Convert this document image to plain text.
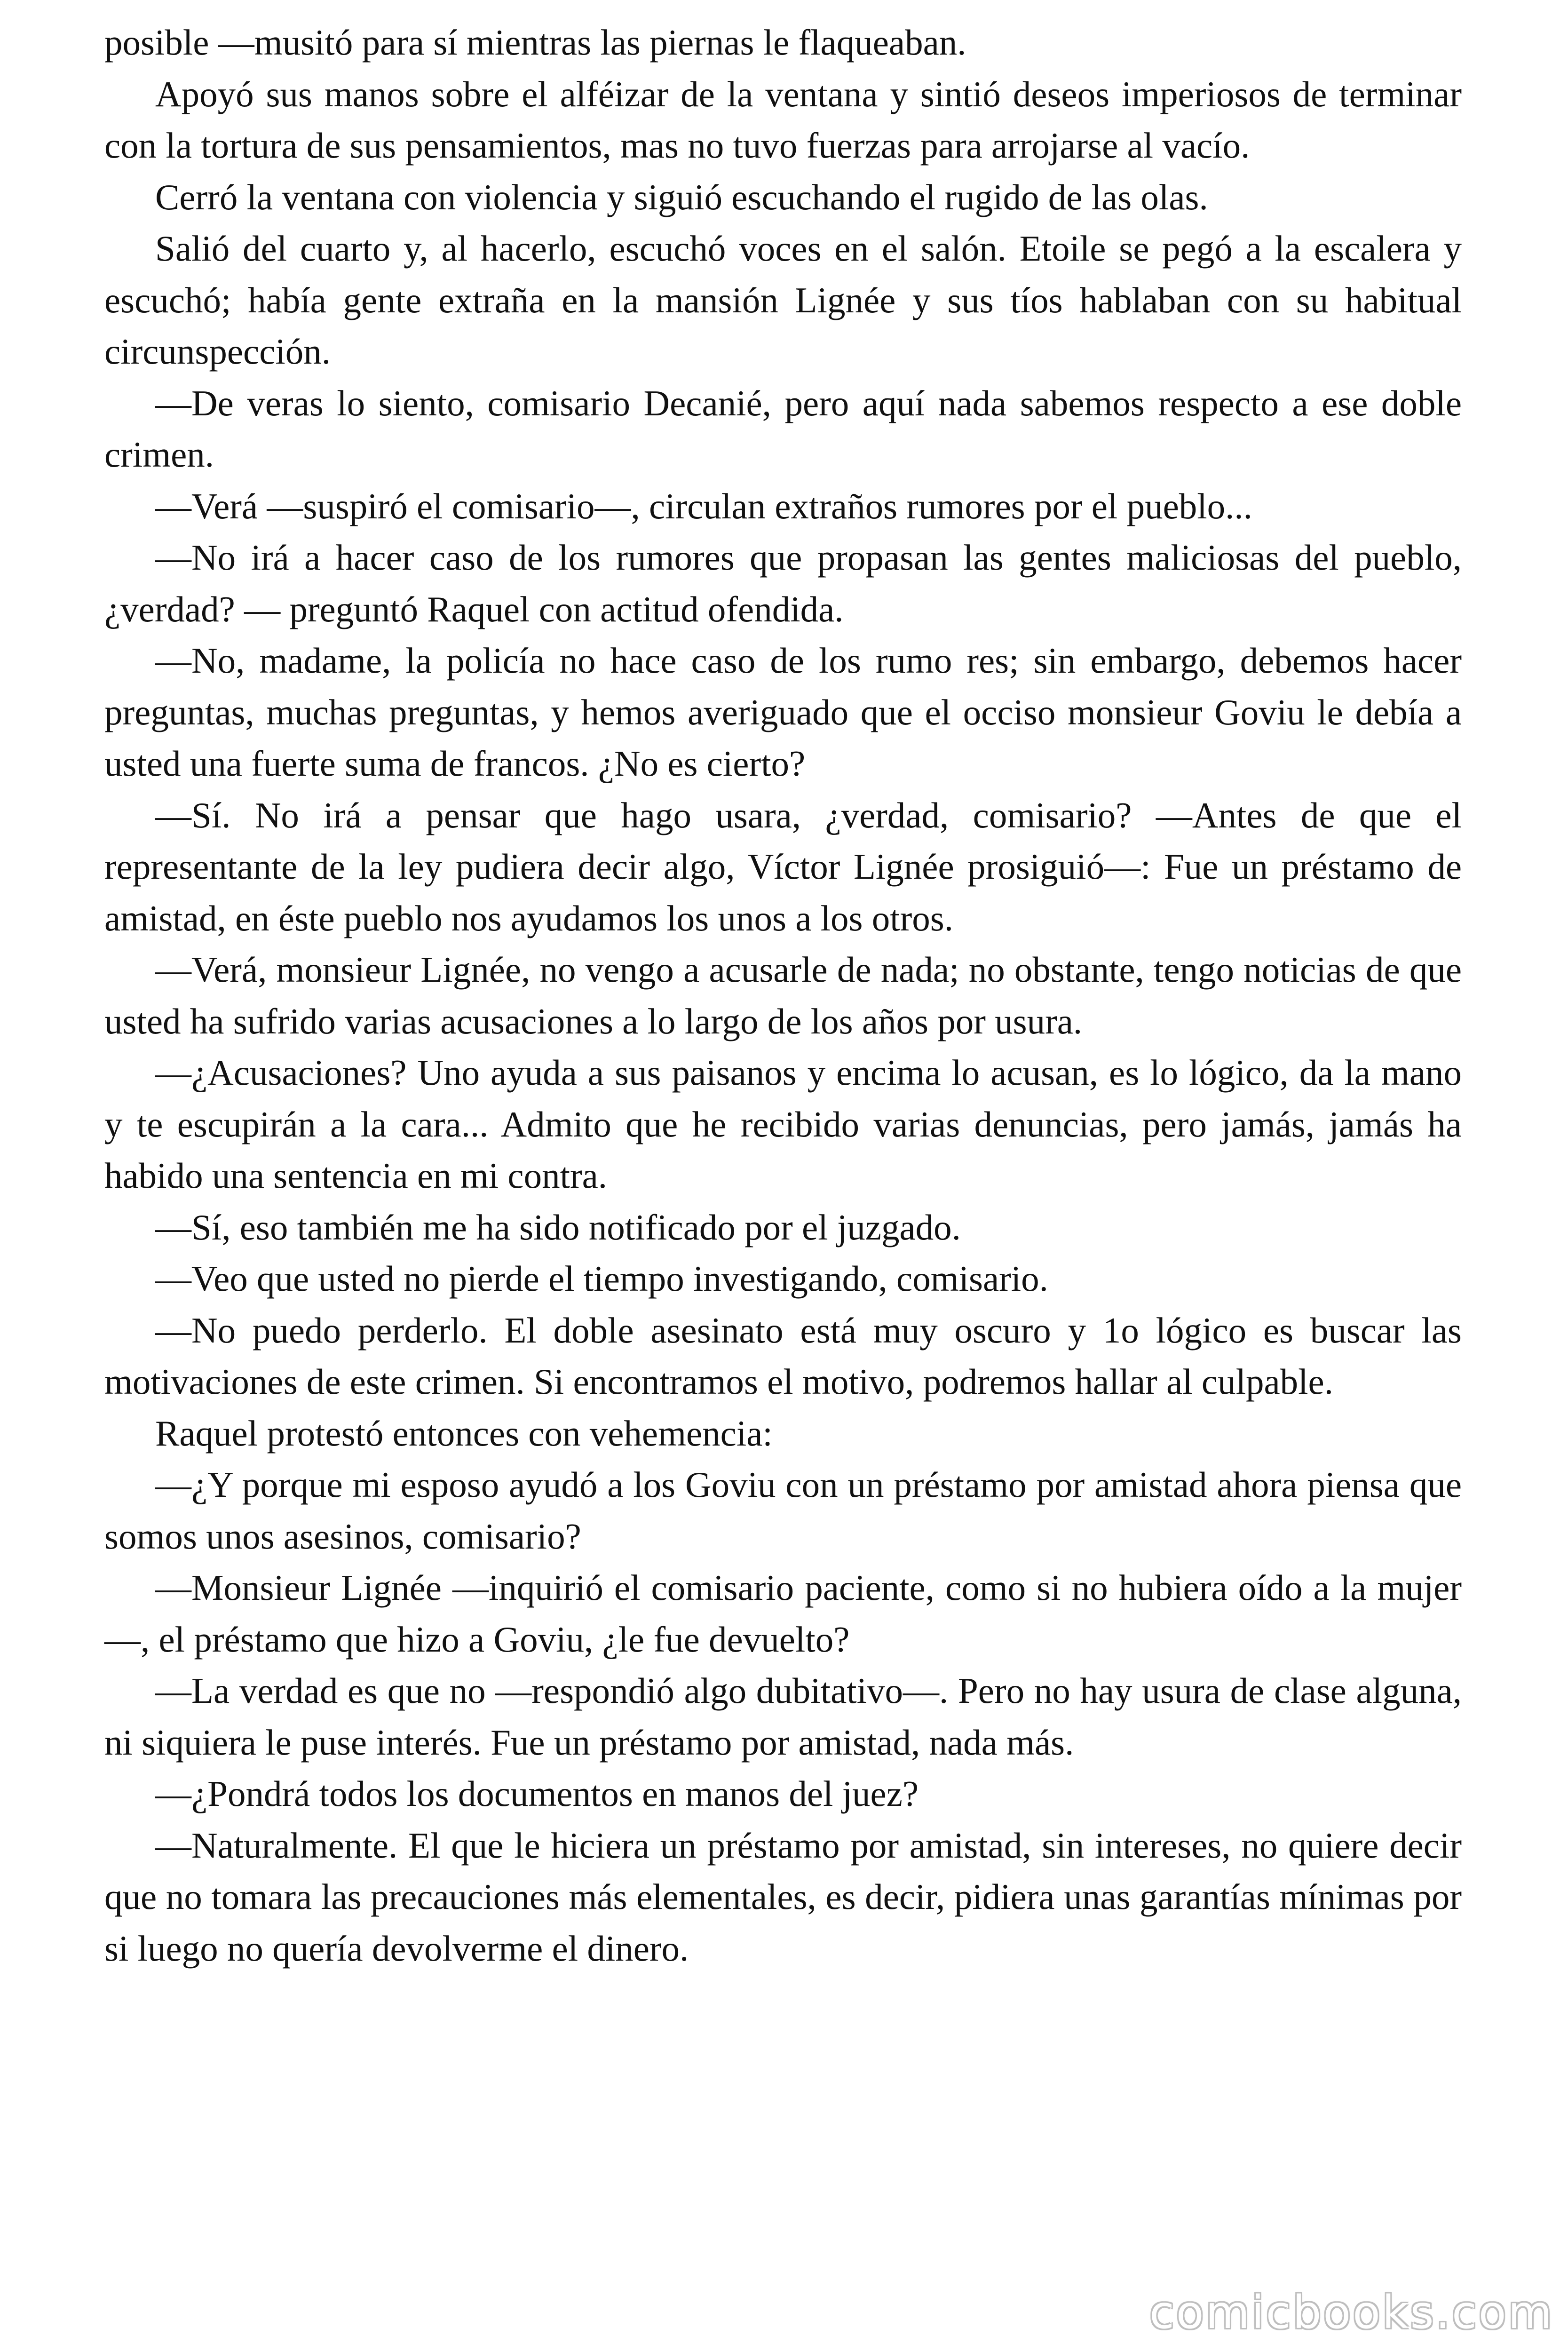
posible —musitó para sí mientras las piernas le flaqueaban.

Apoyó sus manos sobre el alféizar de la ventana y sintió deseos imperiosos de terminar con la tortura de sus pensamientos, mas no tuvo fuerzas para arrojarse al vacío.

Cerró la ventana con violencia y siguió escuchando el rugido de las olas.

Salió del cuarto y, al hacerlo, escuchó voces en el salón. Etoile se pegó a la escalera y escuchó; había gente extraña en la mansión Lignée y sus tíos hablaban con su habitual circunspección.

—De veras lo siento, comisario Decanié, pero aquí nada sabemos respecto a ese doble crimen.

—Verá —suspiró el comisario—, circulan extraños rumores por el pueblo...

—No irá a hacer caso de los rumores que propasan las gentes maliciosas del pueblo, ¿verdad? — preguntó Raquel con actitud ofendida.

—No, madame, la policía no hace caso de los rumo res; sin embargo, debemos hacer preguntas, muchas preguntas, y hemos averiguado que el occiso monsieur Goviu le debía a usted una fuerte suma de francos. ¿No es cierto?

—Sí. No irá a pensar que hago usara, ¿verdad, comisario? —Antes de que el representante de la ley pudiera decir algo, Víctor Lignée prosiguió—: Fue un préstamo de amistad, en éste pueblo nos ayudamos los unos a los otros.

—Verá, monsieur Lignée, no vengo a acusarle de nada; no obstante, tengo noticias de que usted ha sufrido varias acusaciones a lo largo de los años por usura.

—¿Acusaciones? Uno ayuda a sus paisanos y encima lo acusan, es lo lógico, da la mano y te escupirán a la cara... Admito que he recibido varias denuncias, pero jamás, jamás ha habido una sentencia en mi contra.

—Sí, eso también me ha sido notificado por el juzgado.

—Veo que usted no pierde el tiempo investigando, comisario.

—No puedo perderlo. El doble asesinato está muy oscuro y 1o lógico es buscar las motivaciones de este crimen. Si encontramos el motivo, podremos hallar al culpable.

Raquel protestó entonces con vehemencia:

—¿Y porque mi esposo ayudó a los Goviu con un préstamo por amistad ahora piensa que somos unos asesinos, comisario?

—Monsieur Lignée —inquirió el comisario paciente, como si no hubiera oído a la mujer—, el préstamo que hizo a Goviu, ¿le fue devuelto?

—La verdad es que no —respondió algo dubitativo—. Pero no hay usura de clase alguna, ni siquiera le puse interés. Fue un préstamo por amistad, nada más.

—¿Pondrá todos los documentos en manos del juez?

—Naturalmente. El que le hiciera un préstamo por amistad, sin intereses, no quiere decir que no tomara las precauciones más elementales, es decir, pidiera unas garantías mínimas por si luego no quería devolverme el dinero.

comicbooks.com
